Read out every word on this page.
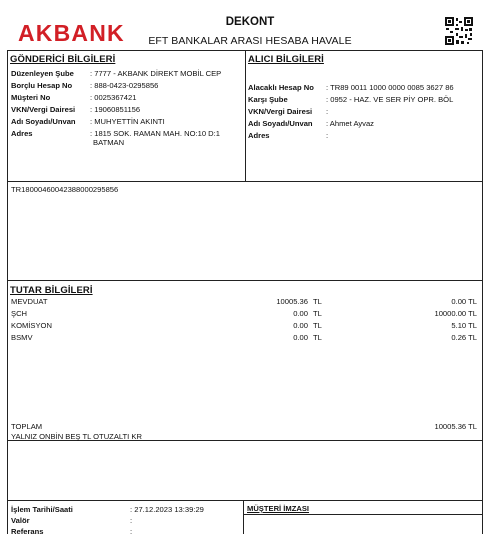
AKBANK	DEKONT
EFT BANKALAR ARASI HESABA HAVALE
GÖNDERİCİ BİLGİLERİ
Düzenleyen Şube : 7777 - AKBANK DİREKT MOBİL CEP
Borçlu Hesap No : 888-0423-0295856
Müşteri No	: 0025367421
VKN/Vergi Dairesi : 19060851156
Adı Soyadı/Unvan : MUHYETTİN AKINTI
Adres	: 1815 SOK. RAMAN MAH. NO:10 D:1
BATMAN
ALICI BİLGİLERİ
Alacaklı Hesap No : TR89 0011 1000 0000 0085 3627 86
Karşı Şube	: 0952 - HAZ. VE SER PİY OPR. BÖL
VKN/Vergi Dairesi :
Adı Soyadı/Unvan : Ahmet Ayvaz
Adres	:
TR18000460042388000295856
TUTAR BİLGİLERİ
MEVDUAT	10005.36 TL	0.00 TL
ŞCH	0.00 TL	10000.00 TL
KOMİSYON	0.00 TL	5.10 TL
BSMV	0.00 TL	0.26 TL
TOPLAM	10005.36 TL
YALNIZ ONBİN BEŞ TL OTUZALTI KR
İşlem Tarihi/Saati	: 27.12.2023 13:39:29
Valör	:
Referans	:
MÜŞTERİ İMZASI
